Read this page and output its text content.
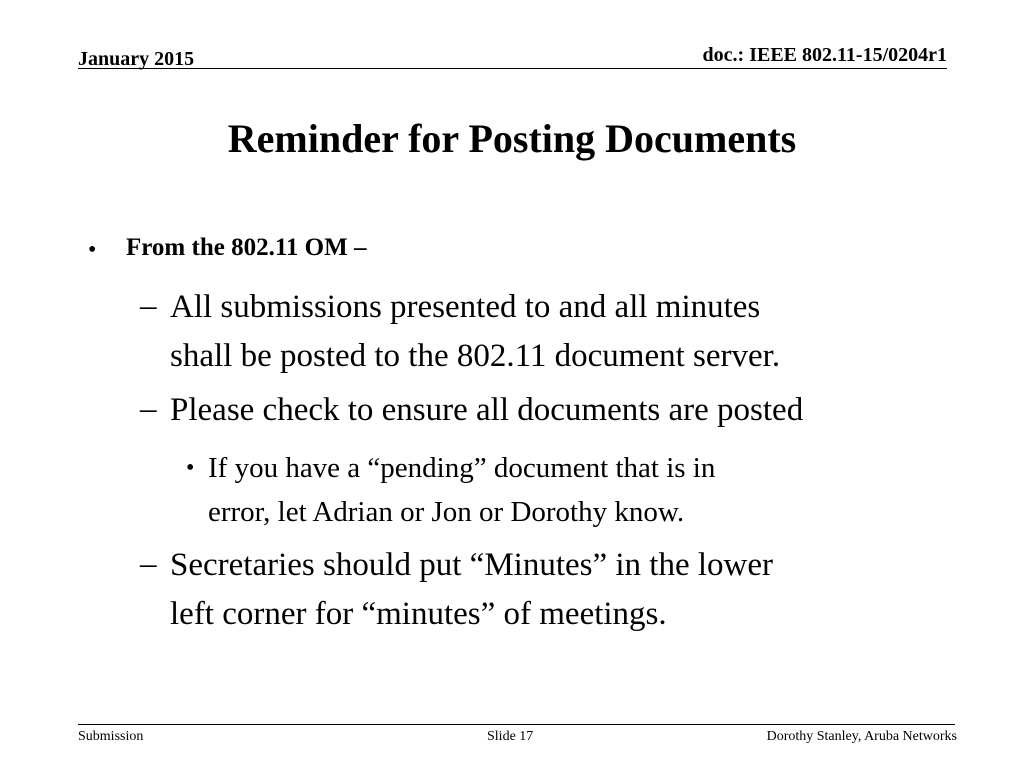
January 2015	doc.: IEEE 802.11-15/0204r1
Reminder for Posting Documents
• From the 802.11 OM –
– All submissions presented to and all minutes
shall be posted to the 802.11 document server.
– Please check to ensure all documents are posted
• If you have a “pending” document that is in
error, let Adrian or Jon or Dorothy know.
– Secretaries should put “Minutes” in the lower
left corner for “minutes” of meetings.
Submission	Slide 17	Dorothy Stanley, Aruba Networks
